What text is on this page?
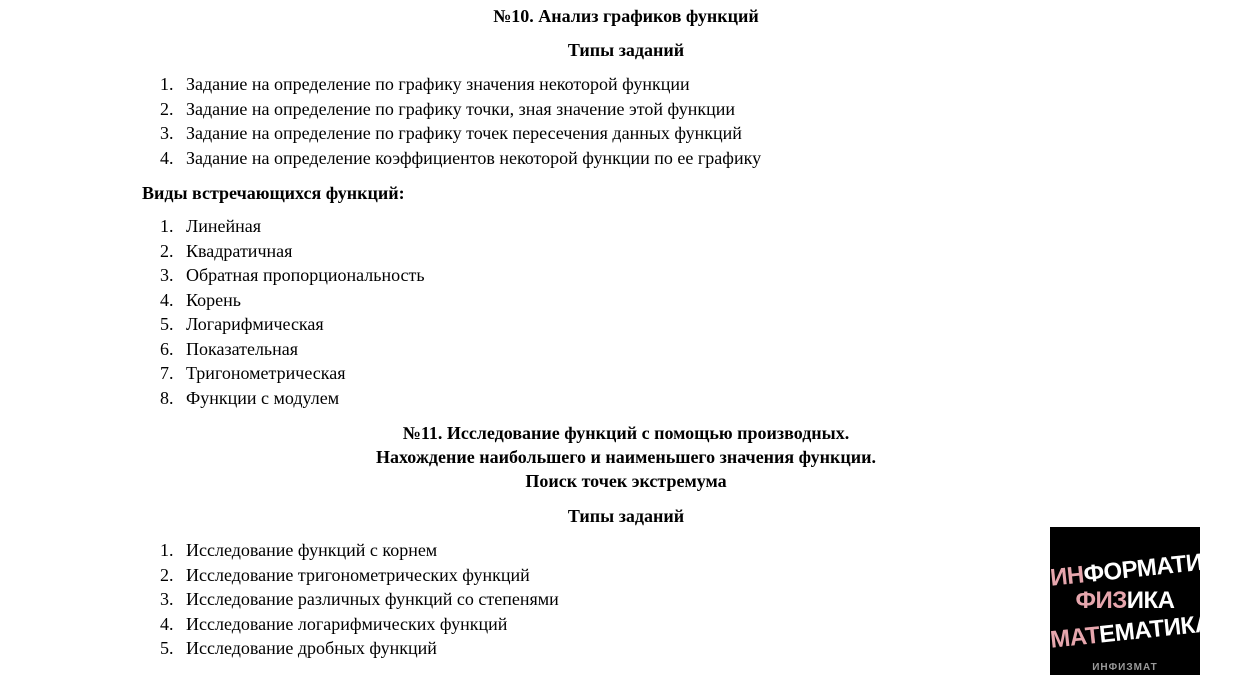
№10. Анализ графиков функций
Типы заданий
1. Задание на определение по графику значения некоторой функции
2. Задание на определение по графику точки, зная значение этой функции
3. Задание на определение по графику точек пересечения данных функций
4. Задание на определение коэффициентов некоторой функции по ее графику
Виды встречающихся функций:
1. Линейная
2. Квадратичная
3. Обратная пропорциональность
4. Корень
5. Логарифмическая
6. Показательная
7. Тригонометрическая
8. Функции с модулем
№11. Исследование функций с помощью производных.
Нахождение наибольшего и наименьшего значения функции.
Поиск точек экстремума
Типы заданий
1. Исследование функций с корнем
2. Исследование тригонометрических функций
3. Исследование различных функций со степенями
4. Исследование логарифмических функций
5. Исследование дробных функций
ИНФОРМАТИКА
ФИЗИКА
МАТЕМАТИКА
ИНФИЗМАТ
